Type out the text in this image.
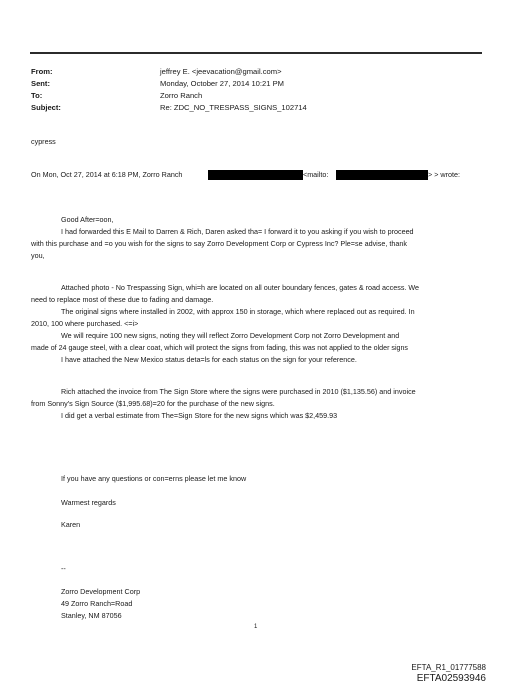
From:	jeffrey E. <jeevacation@gmail.com>
Sent:	Monday, October 27, 2014 10:21 PM
To:	Zorro Ranch
Subject:	Re: ZDC_NO_TRESPASS_SIGNS_102714
cypress
On Mon, Oct 27, 2014 at 6:18 PM, Zorro Ranch	<mailto:	> > wrote:
Good After=oon,
I had forwarded this E Mail to Darren & Rich, Daren asked tha= I forward it to you asking if you wish to proceed
with this purchase and =o you wish for the signs to say Zorro Development Corp or Cypress Inc? Ple=se advise, thank
you,
Attached photo - No Trespassing Sign, whi=h are located on all outer boundary fences, gates & road access. We
need to replace most of these due to fading and damage.
The original signs where installed in 2002, with approx 150 in storage, which where replaced out as required. In
2010, 100 where purchased. <=i>
We will require 100 new signs, noting they will reflect Zorro Development Corp not Zorro Development and
made of 24 gauge steel, with a clear coat, which will protect the signs from fading, this was not applied to the older signs
I have attached the New Mexico status deta=ls for each status on the sign for your reference.
Rich attached the invoice from The Sign Store where the signs were purchased in 2010 ($1,135.56) and invoice
from Sonny's Sign Source ($1,995.68)=20 for the purchase of the new signs.
I did get a verbal estimate from The=Sign Store for the new signs which was $2,459.93
If you have any questions or con=erns please let me know
Warmest regards
Karen
--
Zorro Development Corp
49 Zorro Ranch=Road
Stanley, NM 87056
1
EFTA_R1_01777588
EFTA02593946
